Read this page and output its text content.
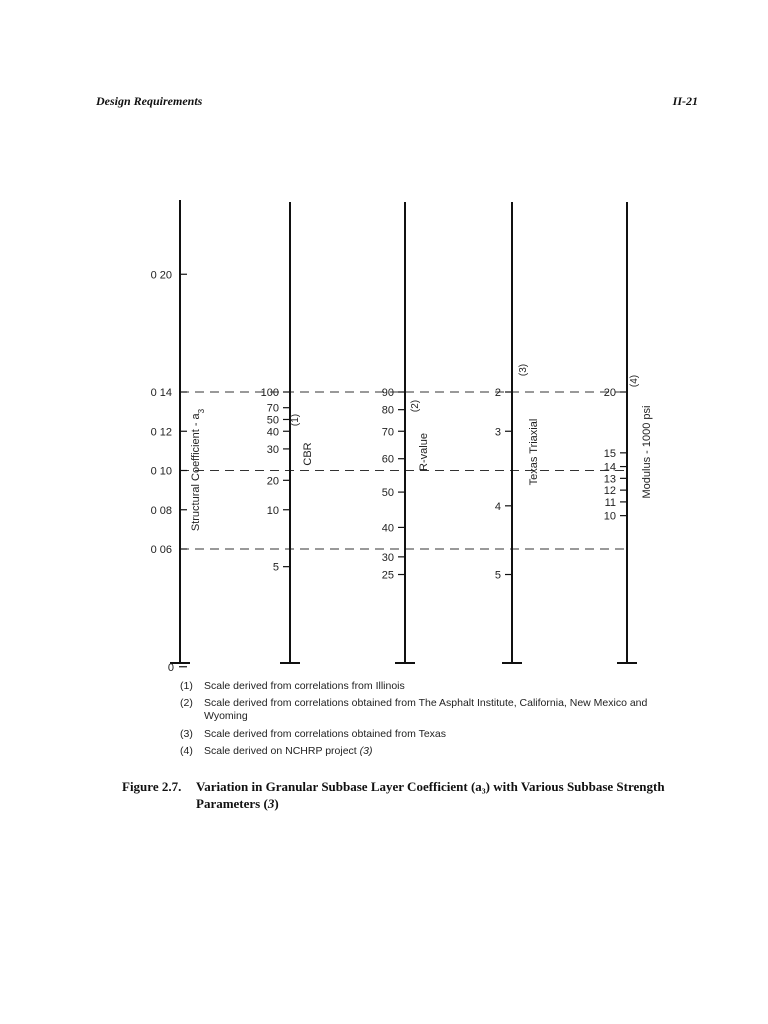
Design Requirements	II-21
0 20
0 14
0 12
0 10
0 08
0 06
0
Structural Coefficient - $a_3$
100
70
50
40
30
20
10
5
CBR
(1)
90
80
70
60
50
40
30
25
R-value
(2)
2
3
4
5
Texas Triaxial
(3)
20
15
14
13
12
11
10
Modulus - 1000 psi
(4)
(1)	Scale derived from correlations from Illinois
(2)	Scale derived from correlations obtained from The Asphalt Institute, California, New Mexico and Wyoming
(3)	Scale derived from correlations obtained from Texas
(4)	Scale derived on NCHRP project (3)
Figure 2.7.	Variation in Granular Subbase Layer Coefficient (a₃) with Various Subbase Strength Parameters (3)
